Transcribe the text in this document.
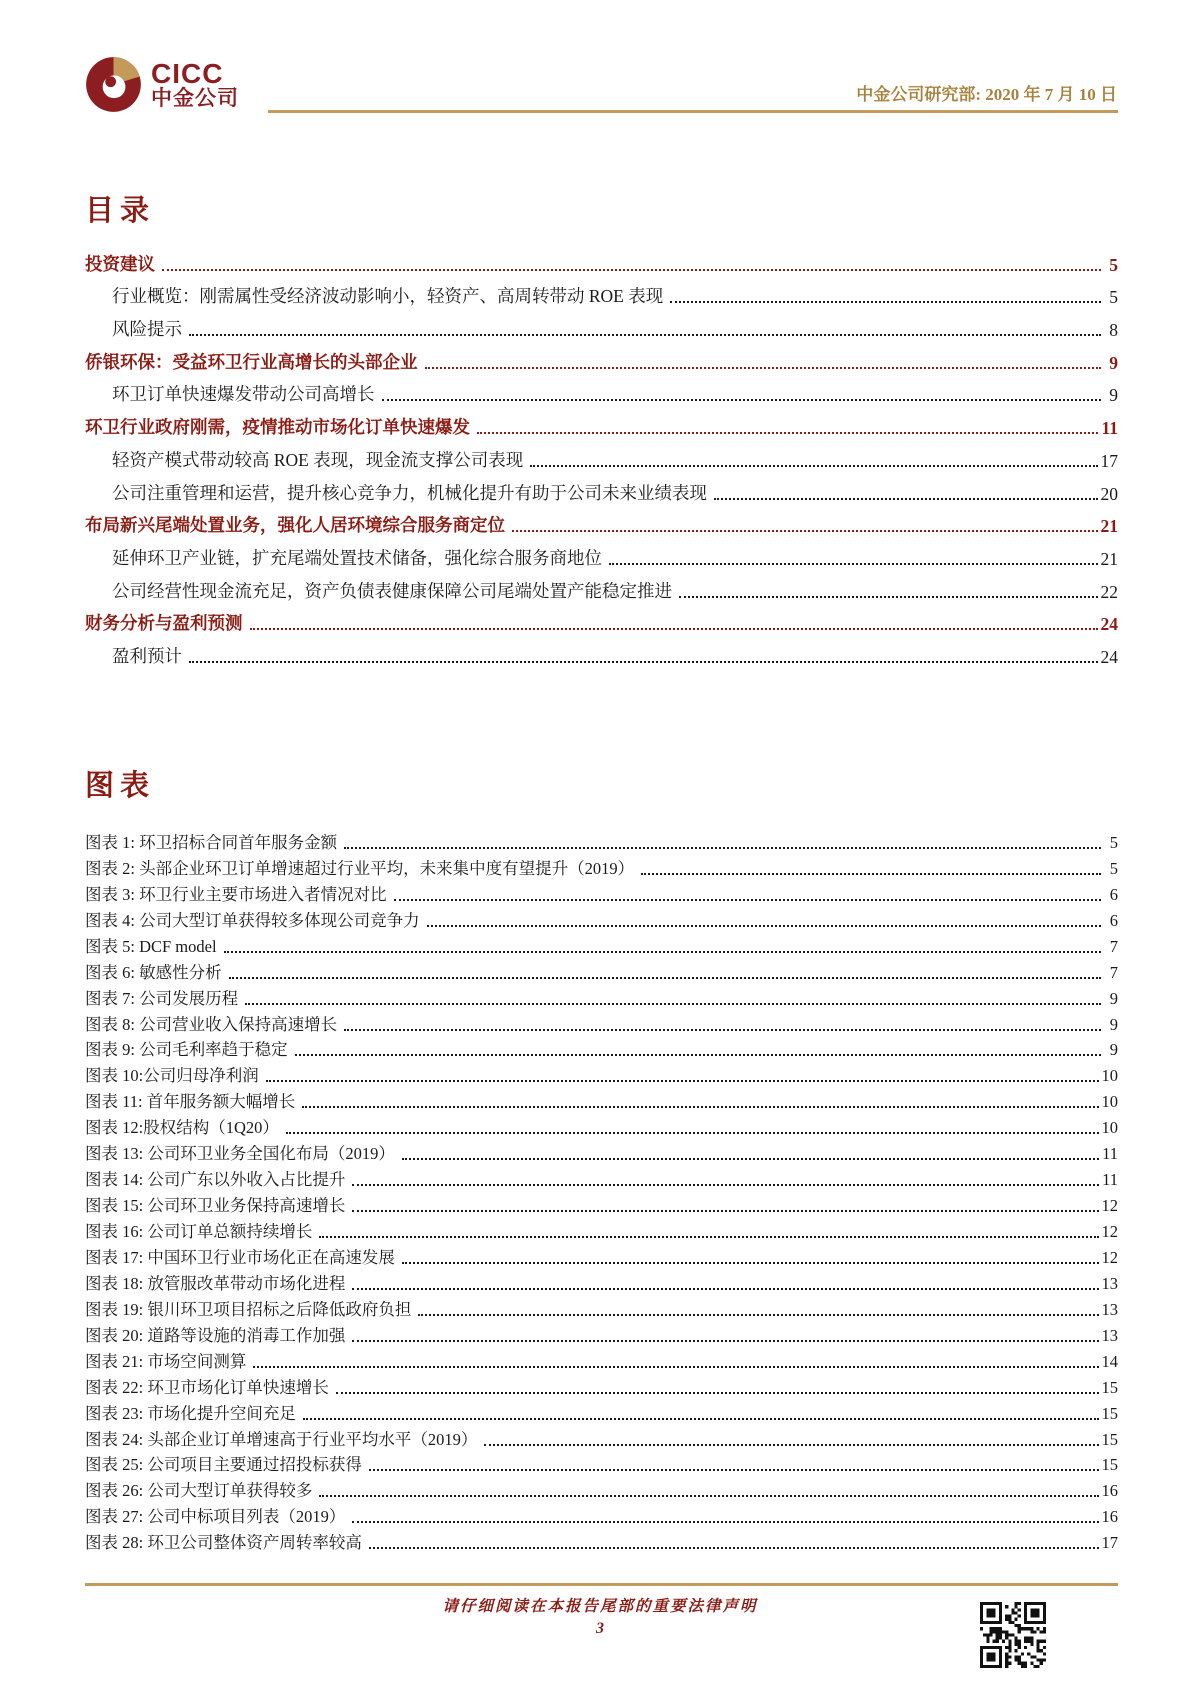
CICC
中金公司	中金公司研究部: 2020 年 7 月 10 日
目录
投资建议	5
行业概览：刚需属性受经济波动影响小，轻资产、高周转带动 ROE 表现	5
风险提示	8
侨银环保：受益环卫行业高增长的头部企业	9
环卫订单快速爆发带动公司高增长	9
环卫行业政府刚需，疫情推动市场化订单快速爆发	11
轻资产模式带动较高 ROE 表现，现金流支撑公司表现	17
公司注重管理和运营，提升核心竞争力，机械化提升有助于公司未来业绩表现	20
布局新兴尾端处置业务，强化人居环境综合服务商定位	21
延伸环卫产业链，扩充尾端处置技术储备，强化综合服务商地位	21
公司经营性现金流充足，资产负债表健康保障公司尾端处置产能稳定推进	22
财务分析与盈利预测	24
盈利预计	24
图表
图表 1: 环卫招标合同首年服务金额	5
图表 2: 头部企业环卫订单增速超过行业平均，未来集中度有望提升（2019）	5
图表 3: 环卫行业主要市场进入者情况对比	6
图表 4: 公司大型订单获得较多体现公司竞争力	6
图表 5: DCF model	7
图表 6: 敏感性分析	7
图表 7: 公司发展历程	9
图表 8: 公司营业收入保持高速增长	9
图表 9: 公司毛利率趋于稳定	9
图表 10:公司归母净利润	10
图表 11: 首年服务额大幅增长	10
图表 12:股权结构（1Q20）	10
图表 13: 公司环卫业务全国化布局（2019）	11
图表 14: 公司广东以外收入占比提升	11
图表 15: 公司环卫业务保持高速增长	12
图表 16: 公司订单总额持续增长	12
图表 17: 中国环卫行业市场化正在高速发展	12
图表 18: 放管服改革带动市场化进程	13
图表 19: 银川环卫项目招标之后降低政府负担	13
图表 20: 道路等设施的消毒工作加强	13
图表 21: 市场空间测算	14
图表 22: 环卫市场化订单快速增长	15
图表 23: 市场化提升空间充足	15
图表 24: 头部企业订单增速高于行业平均水平（2019）	15
图表 25: 公司项目主要通过招投标获得	15
图表 26: 公司大型订单获得较多	16
图表 27: 公司中标项目列表（2019）	16
图表 28: 环卫公司整体资产周转率较高	17
请仔细阅读在本报告尾部的重要法律声明
3
